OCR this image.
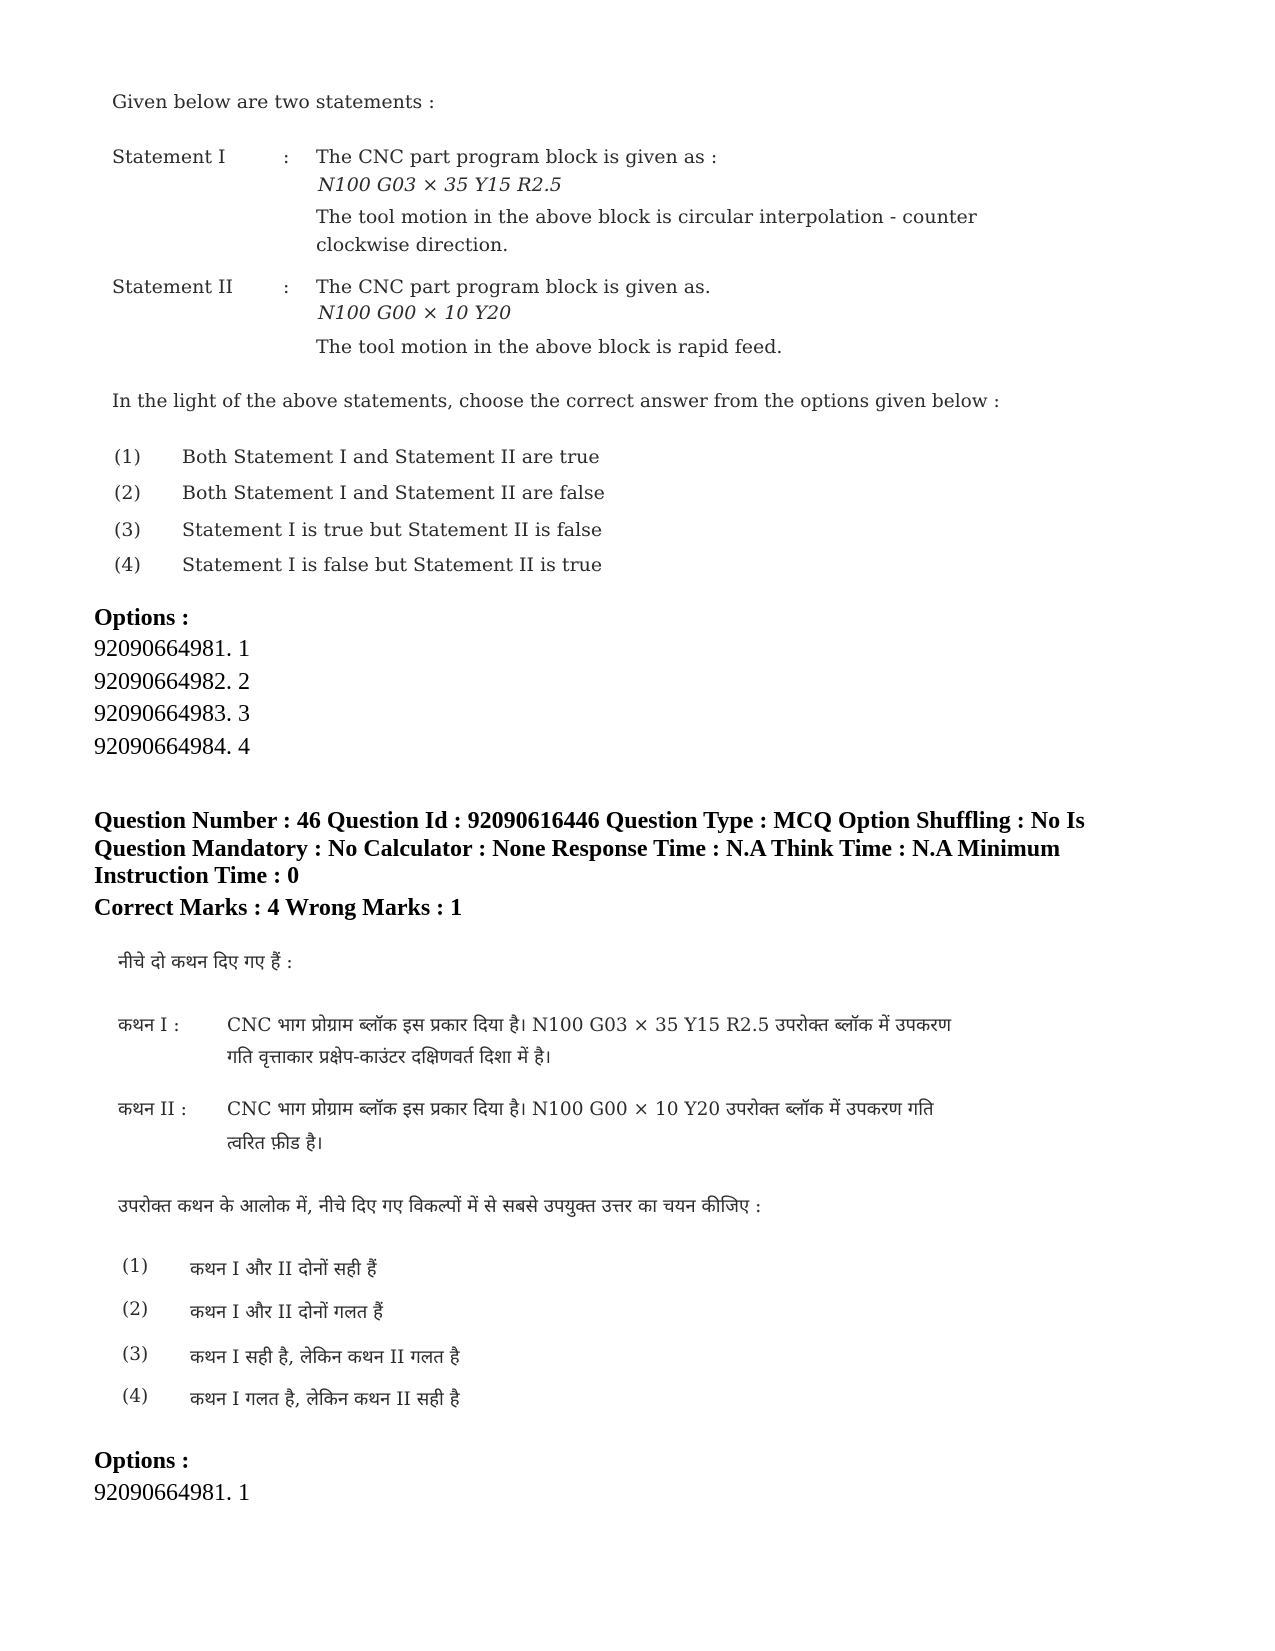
Given below are two statements :
Statement I	: The CNC part program block is given as :
N100 G03 × 35 Y15 R2.5
The tool motion in the above block is circular interpolation - counter
clockwise direction.
Statement II	: The CNC part program block is given as.
N100 G00 × 10 Y20
The tool motion in the above block is rapid feed.
In the light of the above statements, choose the correct answer from the options given below :
(1) Both Statement I and Statement II are true
(2) Both Statement I and Statement II are false
(3) Statement I is true but Statement II is false
(4) Statement I is false but Statement II is true
Options :
92090664981. 1
92090664982. 2
92090664983. 3
92090664984. 4
Question Number : 46 Question Id : 92090616446 Question Type : MCQ Option Shuffling : No Is
Question Mandatory : No Calculator : None Response Time : N.A Think Time : N.A Minimum
Instruction Time : 0
Correct Marks : 4 Wrong Marks : 1
नीचे दो कथन दिए गए हैं :
कथन I :	CNC भाग प्रोग्राम ब्लॉक इस प्रकार दिया है। N100 G03 × 35 Y15 R2.5 उपरोक्त ब्लॉक में उपकरण
गति वृत्ताकार प्रक्षेप-काउंटर दक्षिणवर्त दिशा में है।
कथन II : CNC भाग प्रोग्राम ब्लॉक इस प्रकार दिया है। N100 G00 × 10 Y20 उपरोक्त ब्लॉक में उपकरण गति
त्वरित फ़ीड है।
उपरोक्त कथन के आलोक में, नीचे दिए गए विकल्पों में से सबसे उपयुक्त उत्तर का चयन कीजिए :
(1) कथन I और II दोनों सही हैं
(2) कथन I और II दोनों गलत हैं
(3) कथन I सही है, लेकिन कथन II गलत है
(4) कथन I गलत है, लेकिन कथन II सही है
Options :
92090664981. 1
